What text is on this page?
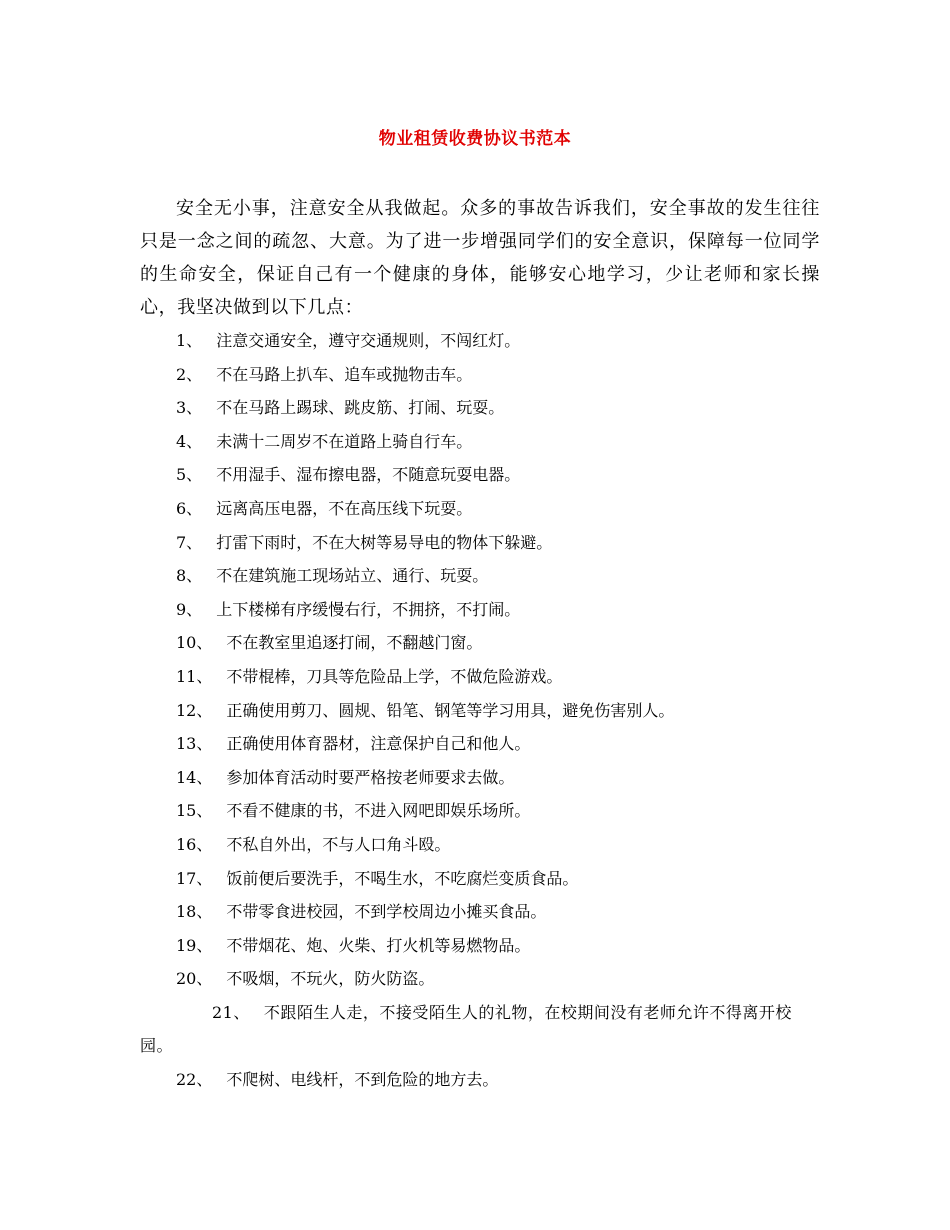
物业租赁收费协议书范本

安全无小事，注意安全从我做起。众多的事故告诉我们，安全事故的发生往往只是一念之间的疏忽、大意。为了进一步增强同学们的安全意识，保障每一位同学的生命安全，保证自己有一个健康的身体，能够安心地学习，少让老师和家长操心，我坚决做到以下几点：

1、 注意交通安全，遵守交通规则，不闯红灯。
2、 不在马路上扒车、追车或抛物击车。
3、 不在马路上踢球、跳皮筋、打闹、玩耍。
4、 未满十二周岁不在道路上骑自行车。
5、 不用湿手、湿布擦电器，不随意玩耍电器。
6、 远离高压电器，不在高压线下玩耍。
7、 打雷下雨时，不在大树等易导电的物体下躲避。
8、 不在建筑施工现场站立、通行、玩耍。
9、 上下楼梯有序缓慢右行，不拥挤，不打闹。
10、 不在教室里追逐打闹，不翻越门窗。
11、 不带棍棒，刀具等危险品上学，不做危险游戏。
12、 正确使用剪刀、圆规、铅笔、钢笔等学习用具，避免伤害别人。
13、 正确使用体育器材，注意保护自己和他人。
14、 参加体育活动时要严格按老师要求去做。
15、 不看不健康的书，不进入网吧即娱乐场所。
16、 不私自外出，不与人口角斗殴。
17、 饭前便后要洗手，不喝生水，不吃腐烂变质食品。
18、 不带零食进校园，不到学校周边小摊买食品。
19、 不带烟花、炮、火柴、打火机等易燃物品。
20、 不吸烟，不玩火，防火防盗。
21、 不跟陌生人走，不接受陌生人的礼物，在校期间没有老师允许不得离开校园。
22、 不爬树、电线杆，不到危险的地方去。
